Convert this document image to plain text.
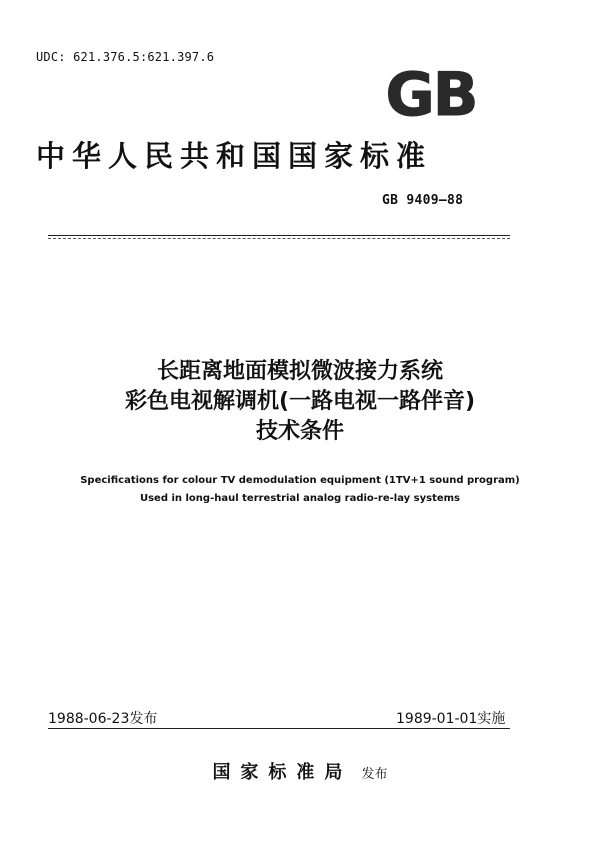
UDC: 621.376.5:621.397.6
GB
中华人民共和国国家标准
GB 9409—88
长距离地面模拟微波接力系统
彩色电视解调机(一路电视一路伴音)
技术条件
Specifications for colour TV demodulation equipment (1TV+1 sound program)
Used in long-haul terrestrial analog radio-re-lay systems
1988-06-23发布	1989-01-01实施
国家标准局 发布
